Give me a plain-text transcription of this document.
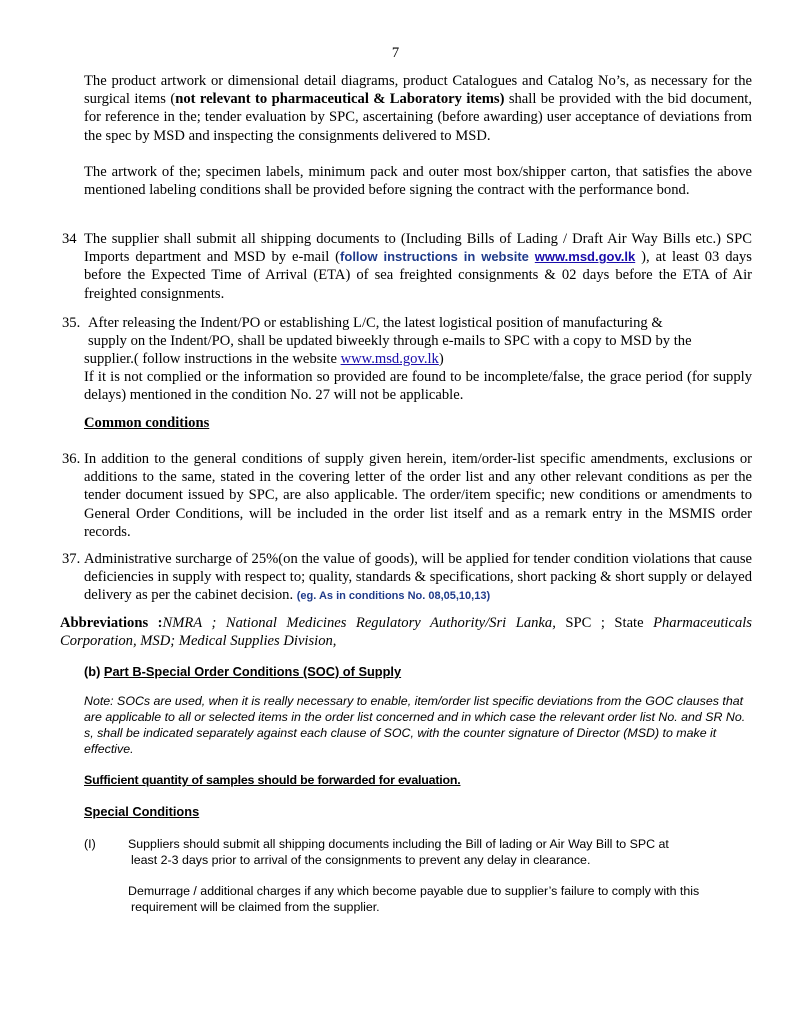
7
The product artwork or dimensional detail diagrams, product Catalogues and Catalog No’s, as necessary for the surgical items (not relevant to pharmaceutical & Laboratory items) shall be provided with the bid document, for reference in the; tender evaluation by SPC, ascertaining (before awarding) user acceptance of deviations from the spec by MSD and inspecting the consignments delivered to MSD.
The artwork of the; specimen labels, minimum pack and outer most box/shipper carton, that satisfies the above mentioned labeling conditions shall be provided before signing the contract with the performance bond.
34 The supplier shall submit all shipping documents to (Including Bills of Lading / Draft Air Way Bills etc.) SPC Imports department and MSD by e-mail (follow instructions in website www.msd.gov.lk ), at least 03 days before the Expected Time of Arrival (ETA) of sea freighted consignments & 02 days before the ETA of Air freighted consignments.
35. After releasing the Indent/PO or establishing L/C, the latest logistical position of manufacturing &
supply on the Indent/PO, shall be updated biweekly through e-mails to SPC with a copy to MSD by the
supplier.( follow instructions in the website www.msd.gov.lk)
If it is not complied or the information so provided are found to be incomplete/false, the grace period (for supply delays) mentioned in the condition No. 27 will not be applicable.
Common conditions
36. In addition to the general conditions of supply given herein, item/order-list specific amendments, exclusions or additions to the same, stated in the covering letter of the order list and any other relevant conditions as per the tender document issued by SPC, are also applicable. The order/item specific; new conditions or amendments to General Order Conditions, will be included in the order list itself and as a remark entry in the MSMIS order records.
37. Administrative surcharge of 25%(on the value of goods), will be applied for tender condition violations that cause deficiencies in supply with respect to; quality, standards & specifications, short packing & short supply or delayed delivery as per the cabinet decision. (eg. As in conditions No. 08,05,10,13)
Abbreviations :NMRA ; National Medicines Regulatory Authority/Sri Lanka, SPC ; State Pharmaceuticals Corporation, MSD; Medical Supplies Division,
(b) Part B-Special Order Conditions (SOC) of Supply
Note: SOCs are used, when it is really necessary to enable, item/order list specific deviations from the GOC clauses that are applicable to all or selected items in the order list concerned and in which case the relevant order list No. and SR No. s, shall be indicated separately against each clause of SOC, with the counter signature of Director (MSD) to make it effective.
Sufficient quantity of samples should be forwarded for evaluation.
Special Conditions
(I)	Suppliers should submit all shipping documents including the Bill of lading or Air Way Bill to SPC at
least 2-3 days prior to arrival of the consignments to prevent any delay in clearance.
Demurrage / additional charges if any which become payable due to supplier’s failure to comply with this
requirement will be claimed from the supplier.
